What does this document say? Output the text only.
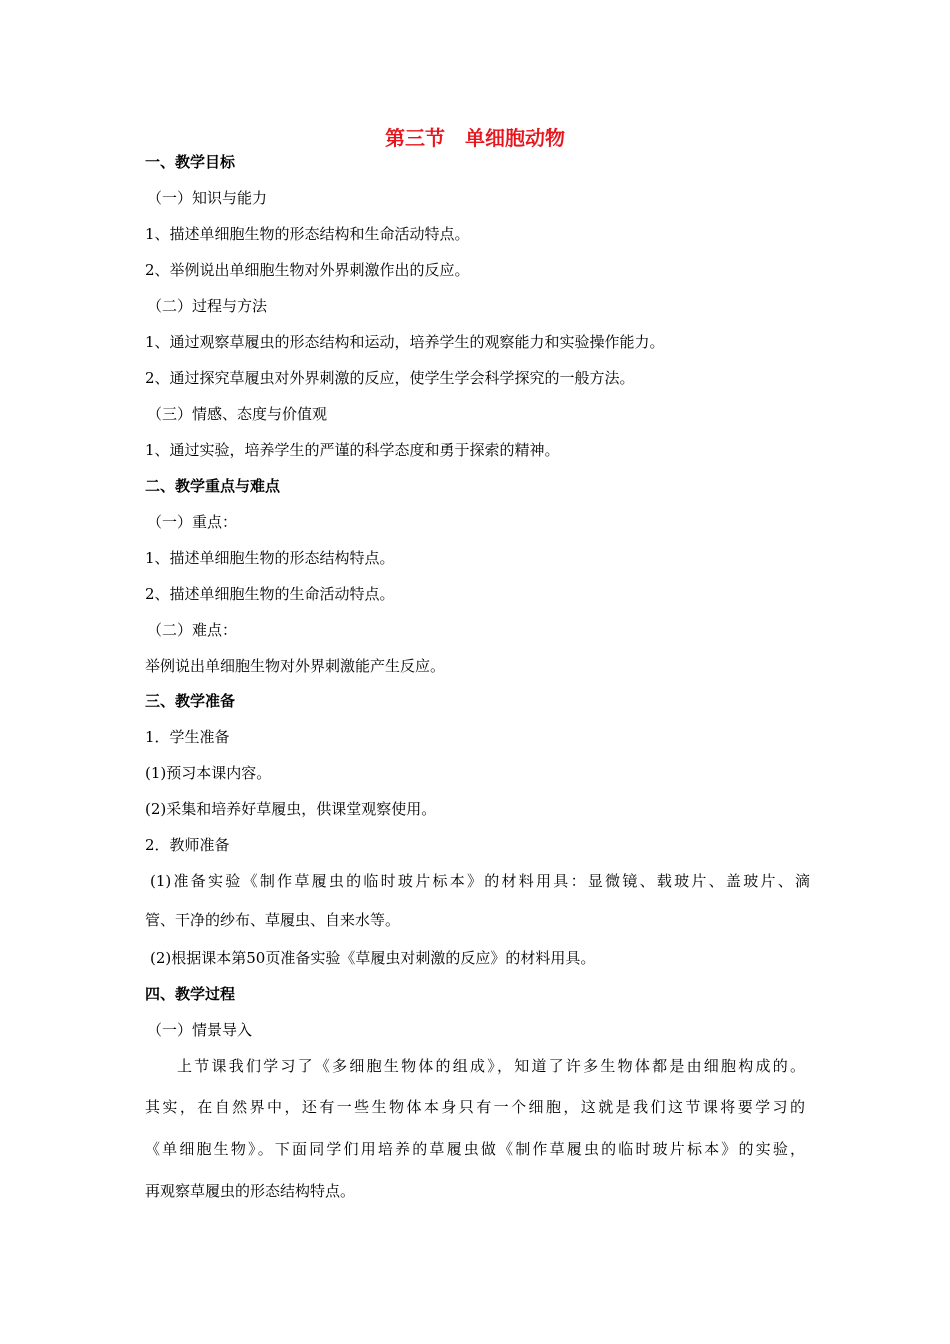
第三节　单细胞动物
一、教学目标
（一）知识与能力
1、描述单细胞生物的形态结构和生命活动特点。
2、举例说出单细胞生物对外界刺激作出的反应。
（二）过程与方法
1、通过观察草履虫的形态结构和运动，培养学生的观察能力和实验操作能力。
2、通过探究草履虫对外界刺激的反应，使学生学会科学探究的一般方法。
（三）情感、态度与价值观
1、通过实验，培养学生的严谨的科学态度和勇于探索的精神。
二、教学重点与难点
（一）重点：
1、描述单细胞生物的形态结构特点。
2、描述单细胞生物的生命活动特点。
（二）难点：
举例说出单细胞生物对外界刺激能产生反应。
三、教学准备
1．学生准备
(1)预习本课内容。
(2)采集和培养好草履虫，供课堂观察使用。
2．教师准备
(1)准备实验《制作草履虫的临时玻片标本》的材料用具：显微镜、载玻片、盖玻片、滴
管、干净的纱布、草履虫、自来水等。
(2)根据课本第50页准备实验《草履虫对刺激的反应》的材料用具。
四、教学过程
（一）情景导入
上节课我们学习了《多细胞生物体的组成》，知道了许多生物体都是由细胞构成的。
其实，在自然界中，还有一些生物体本身只有一个细胞，这就是我们这节课将要学习的
《单细胞生物》。下面同学们用培养的草履虫做《制作草履虫的临时玻片标本》的实验，
再观察草履虫的形态结构特点。
